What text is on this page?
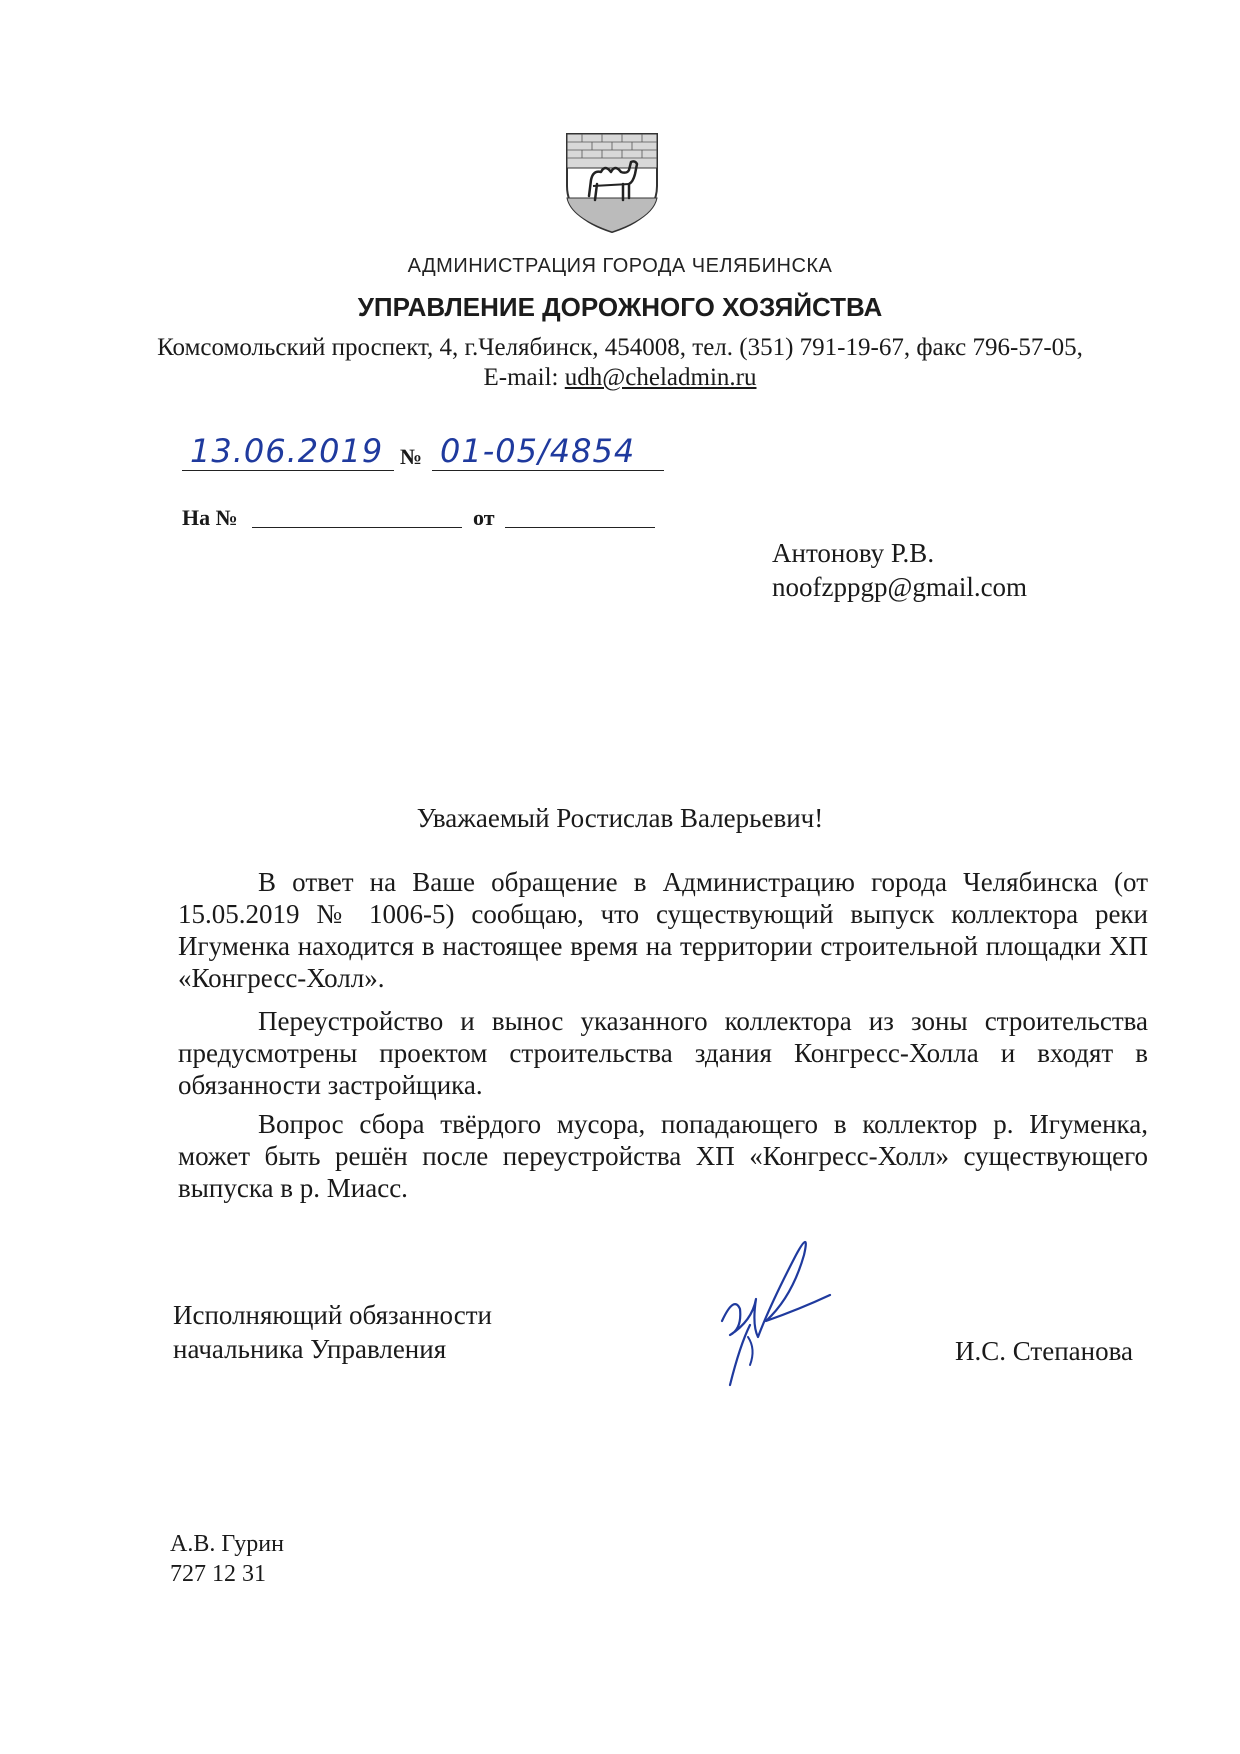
АДМИНИСТРАЦИЯ ГОРОДА ЧЕЛЯБИНСКА
УПРАВЛЕНИЕ ДОРОЖНОГО ХОЗЯЙСТВА
Комсомольский проспект, 4, г.Челябинск, 454008, тел. (351) 791-19-67, факс 796-57-05,
E-mail: udh@cheladmin.ru
13.06.2019 № 01-05/4854
На №	от
Антонову Р.В.
noofzppgp@gmail.com
Уважаемый Ростислав Валерьевич!
В ответ на Ваше обращение в Администрацию города Челябинска (от 15.05.2019 № 1006-5) сообщаю, что существующий выпуск коллектора реки Игуменка находится в настоящее время на территории строительной площадки ХП «Конгресс-Холл».
Переустройство и вынос указанного коллектора из зоны строительства предусмотрены проектом строительства здания Конгресс-Холла и входят в обязанности застройщика.
Вопрос сбора твёрдого мусора, попадающего в коллектор р. Игуменка, может быть решён после переустройства ХП «Конгресс-Холл» существующего выпуска в р. Миасс.
Исполняющий обязанности
начальника Управления	И.С. Степанова
А.В. Гурин
727 12 31
